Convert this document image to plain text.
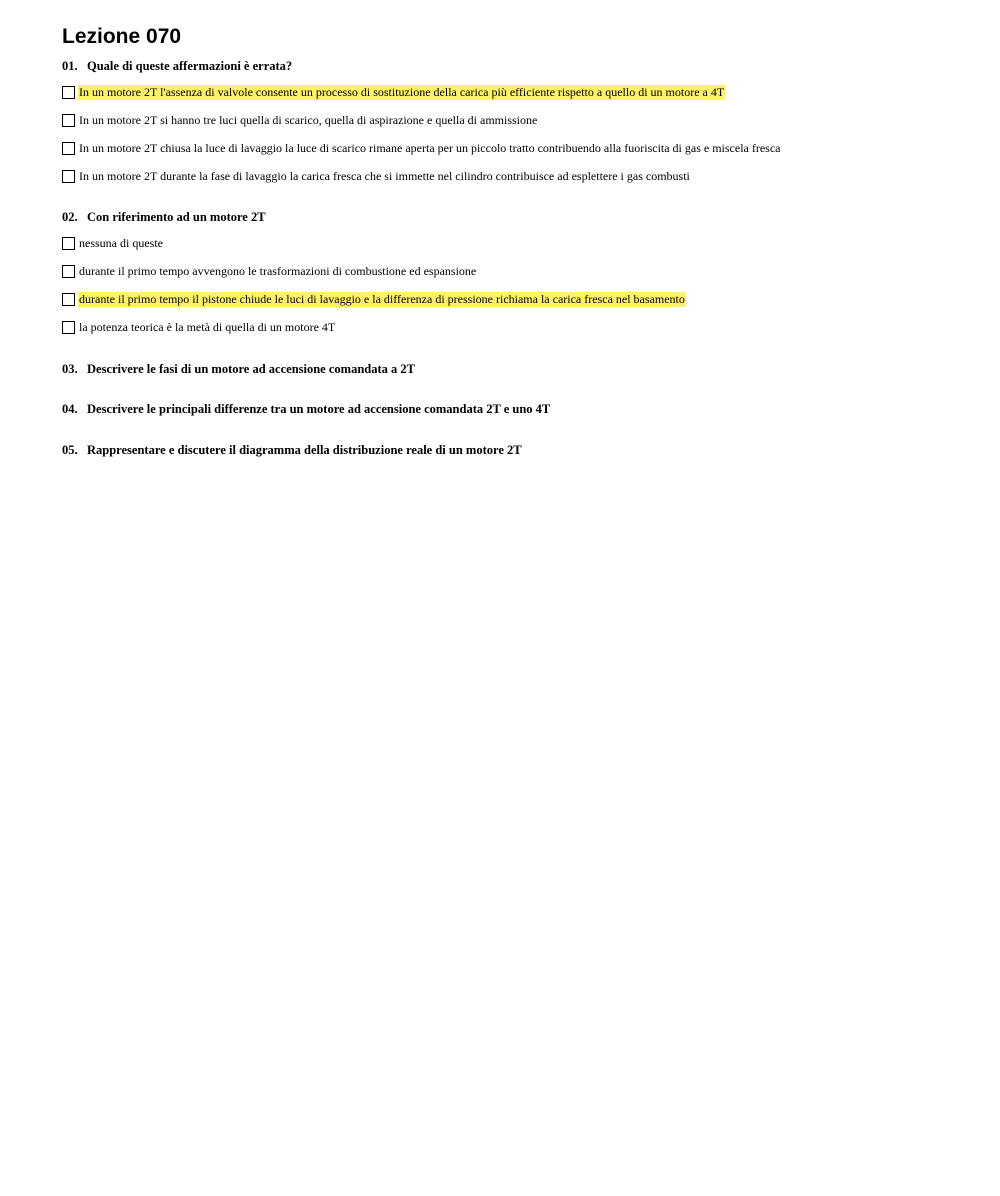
Lezione 070
01. Quale di queste affermazioni è errata?
In un motore 2T l'assenza di valvole consente un processo di sostituzione della carica più efficiente rispetto a quello di un motore a 4T
In un motore 2T si hanno tre luci quella di scarico, quella di aspirazione e quella di ammissione
In un motore 2T chiusa la luce di lavaggio la luce di scarico rimane aperta per un piccolo tratto contribuendo alla fuoriscita di gas e miscela fresca
In un motore 2T durante la fase di lavaggio la carica fresca che si immette nel cilindro contribuisce ad esplettere i gas combusti
02. Con riferimento ad un motore 2T
nessuna di queste
durante il primo tempo avvengono le trasformazioni di combustione ed espansione
durante il primo tempo il pistone chiude le luci di lavaggio e la differenza di pressione richiama la carica fresca nel basamento
la potenza teorica è la metà di quella di un motore 4T
03. Descrivere le fasi di un motore ad accensione comandata a 2T
04. Descrivere le principali differenze tra un motore ad accensione comandata 2T e uno 4T
05. Rappresentare e discutere il diagramma della distribuzione reale di un motore 2T
